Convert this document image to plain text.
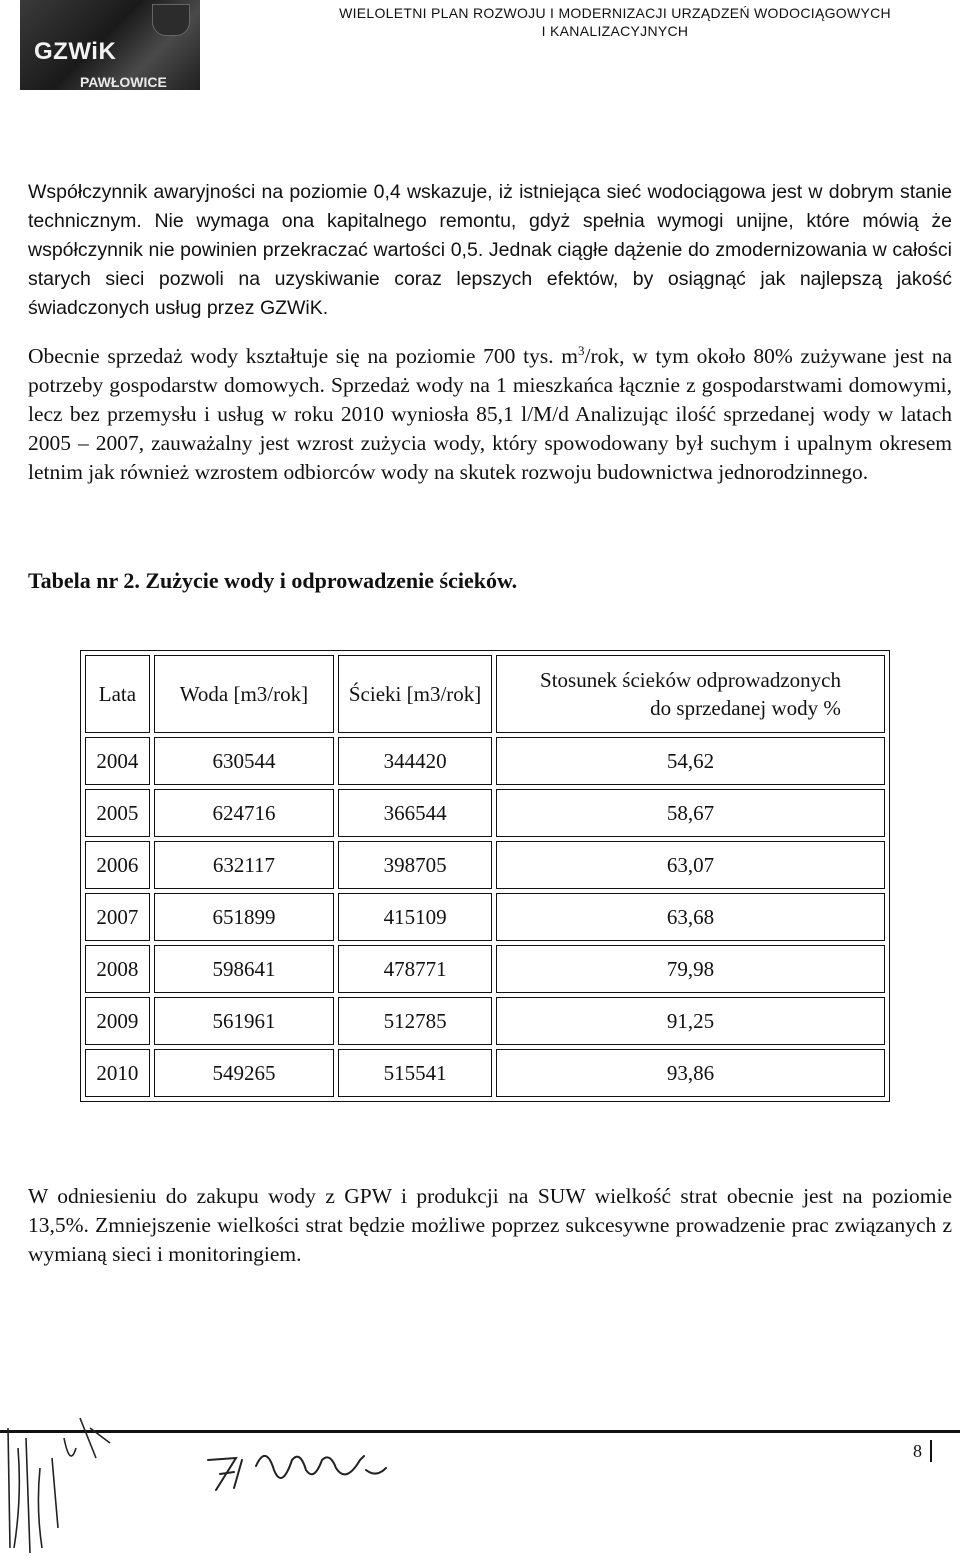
GZWiK
PAWŁOWICE
WIELOLETNI PLAN ROZWOJU I MODERNIZACJI URZĄDZEŃ WODOCIĄGOWYCH
I KANALIZACYJNYCH
Współczynnik awaryjności na poziomie 0,4 wskazuje, iż istniejąca sieć wodociągowa jest w dobrym stanie technicznym. Nie wymaga ona kapitalnego remontu, gdyż spełnia wymogi unijne, które mówią że współczynnik nie powinien przekraczać wartości 0,5. Jednak ciągłe dążenie do zmodernizowania w całości starych sieci pozwoli na uzyskiwanie coraz lepszych efektów, by osiągnąć jak najlepszą jakość świadczonych usług przez GZWiK.
Obecnie sprzedaż wody kształtuje się na poziomie 700 tys. $m^3$/rok, w tym około 80% zużywane jest na potrzeby gospodarstw domowych. Sprzedaż wody na 1 mieszkańca łącznie z gospodarstwami domowymi, lecz bez przemysłu i usług w roku 2010 wyniosła 85,1 l/M/d Analizując ilość sprzedanej wody w latach 2005 – 2007, zauważalny jest wzrost zużycia wody, który spowodowany był suchym i upalnym okresem letnim jak również wzrostem odbiorców wody na skutek rozwoju budownictwa jednorodzinnego.
Tabela nr 2. Zużycie wody i odprowadzenie ścieków.
Lata	Woda [m3/rok]	Ścieki [m3/rok]	Stosunek ścieków odprowadzonych
do sprzedanej wody %

2004	630544	344420	54,62
2005	624716	366544	58,67
2006	632117	398705	63,07
2007	651899	415109	63,68
2008	598641	478771	79,98
2009	561961	512785	91,25
2010	549265	515541	93,86
W odniesieniu do zakupu wody z GPW i produkcji na SUW wielkość strat obecnie jest na poziomie 13,5%. Zmniejszenie wielkości strat będzie możliwe poprzez sukcesywne prowadzenie prac związanych z wymianą sieci i monitoringiem.
8
